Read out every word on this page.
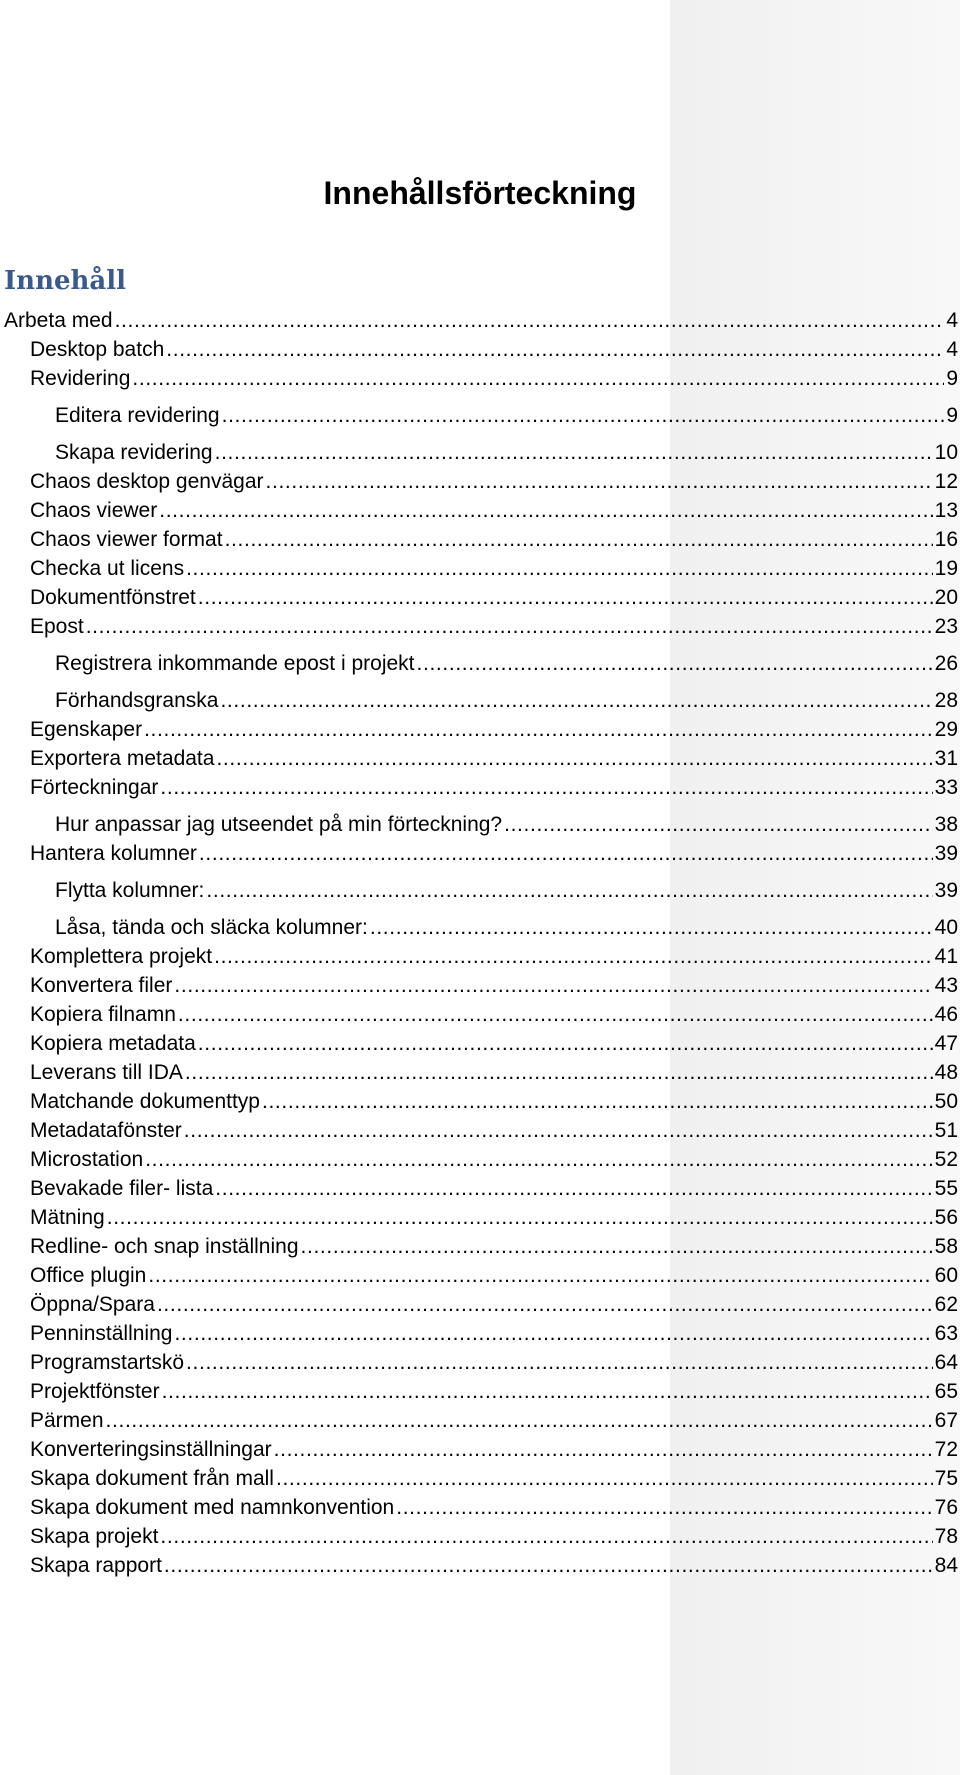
Innehållsförteckning
Innehåll
Arbeta med . . .	4
Desktop batch . . .	4
Revidering . . .	9
Editera revidering . . .	9
Skapa revidering . . .	10
Chaos desktop genvägar . . .	12
Chaos viewer . . .	13
Chaos viewer format . . .	16
Checka ut licens . . .	19
Dokumentfönstret . . .	20
Epost . . .	23
Registrera inkommande epost i projekt . . .	26
Förhandsgranska . . .	28
Egenskaper . . .	29
Exportera metadata . . .	31
Förteckningar . . .	33
Hur anpassar jag utseendet på min förteckning? . . .	38
Hantera kolumner . . .	39
Flytta kolumner: . . .	39
Låsa, tända och släcka kolumner: . . .	40
Komplettera projekt . . .	41
Konvertera filer . . .	43
Kopiera filnamn . . .	46
Kopiera metadata . . .	47
Leverans till IDA . . .	48
Matchande dokumenttyp . . .	50
Metadatafönster . . .	51
Microstation . . .	52
Bevakade filer- lista . . .	55
Mätning . . .	56
Redline- och snap inställning . . .	58
Office plugin . . .	60
Öppna/Spara . . .	62
Penninställning . . .	63
Programstartskö . . .	64
Projektfönster . . .	65
Pärmen . . .	67
Konverteringsinställningar . . .	72
Skapa dokument från mall . . .	75
Skapa dokument med namnkonvention . . .	76
Skapa projekt . . .	78
Skapa rapport . . .	84
